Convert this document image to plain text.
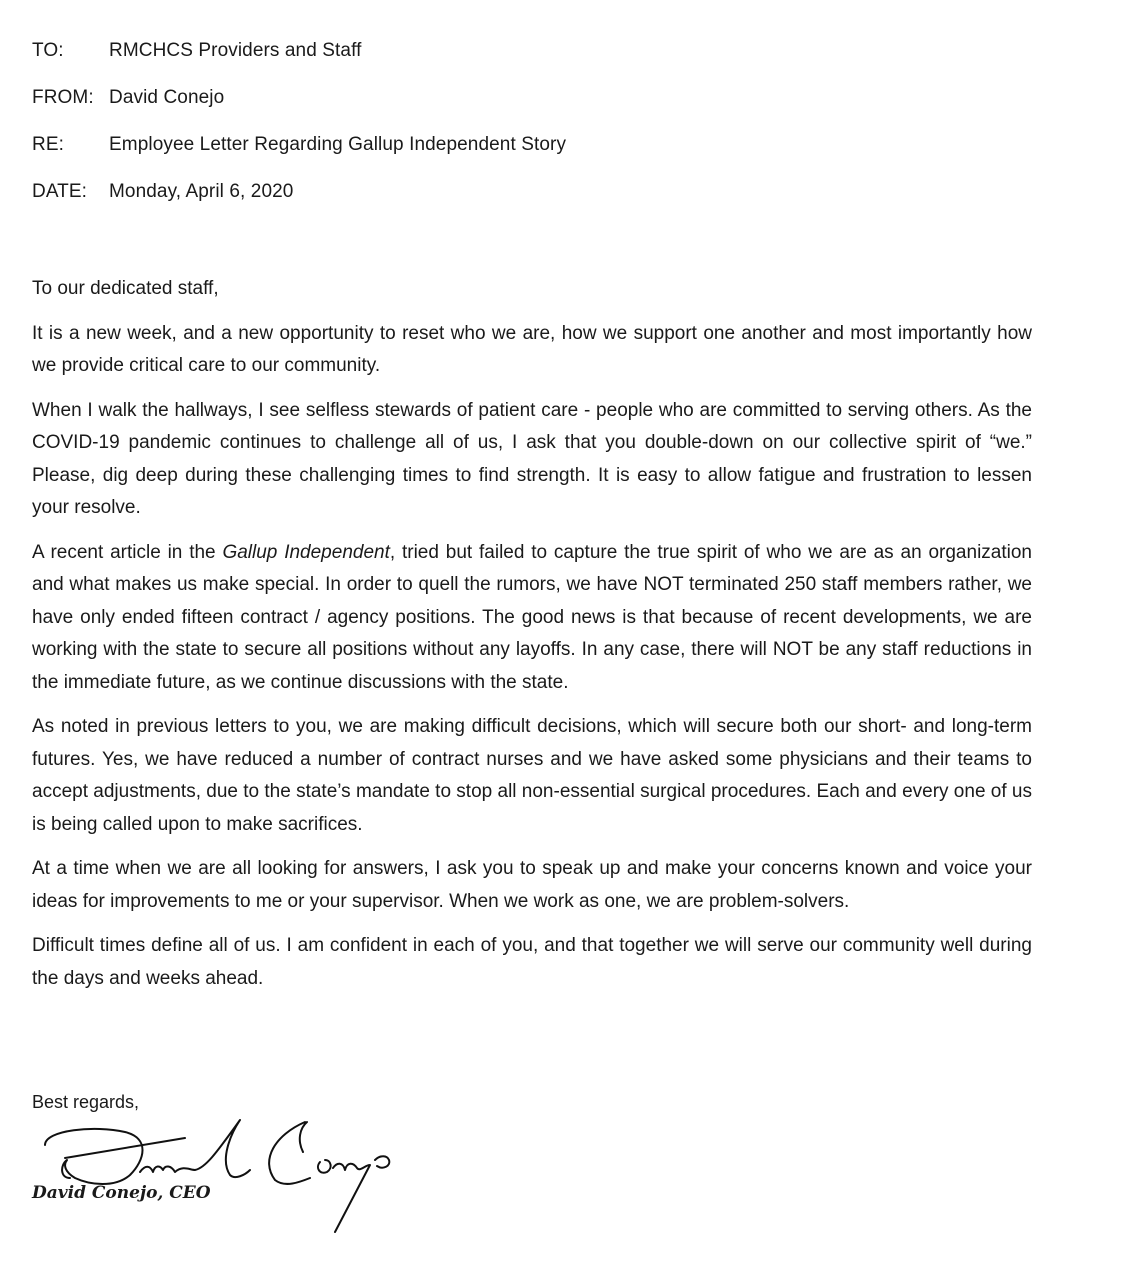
TO:	RMCHCS Providers and Staff
FROM: David Conejo
RE:	Employee Letter Regarding Gallup Independent Story
DATE:	Monday, April 6, 2020

To our dedicated staff,

It is a new week, and a new opportunity to reset who we are, how we support one another and most importantly how we provide critical care to our community.

When I walk the hallways, I see selfless stewards of patient care - people who are committed to serving others. As the COVID-19 pandemic continues to challenge all of us, I ask that you double-down on our collective spirit of “we.” Please, dig deep during these challenging times to find strength. It is easy to allow fatigue and frustration to lessen your resolve.

A recent article in the Gallup Independent, tried but failed to capture the true spirit of who we are as an organization and what makes us make special. In order to quell the rumors, we have NOT terminated 250 staff members rather, we have only ended fifteen contract / agency positions. The good news is that because of recent developments, we are working with the state to secure all positions without any layoffs. In any case, there will NOT be any staff reductions in the immediate future, as we continue discussions with the state.

As noted in previous letters to you, we are making difficult decisions, which will secure both our short- and long-term futures. Yes, we have reduced a number of contract nurses and we have asked some physicians and their teams to accept adjustments, due to the state’s mandate to stop all non-essential surgical procedures. Each and every one of us is being called upon to make sacrifices.

At a time when we are all looking for answers, I ask you to speak up and make your concerns known and voice your ideas for improvements to me or your supervisor. When we work as one, we are problem-solvers.

Difficult times define all of us. I am confident in each of you, and that together we will serve our community well during the days and weeks ahead.

Best regards,
David Conejo, CEO
